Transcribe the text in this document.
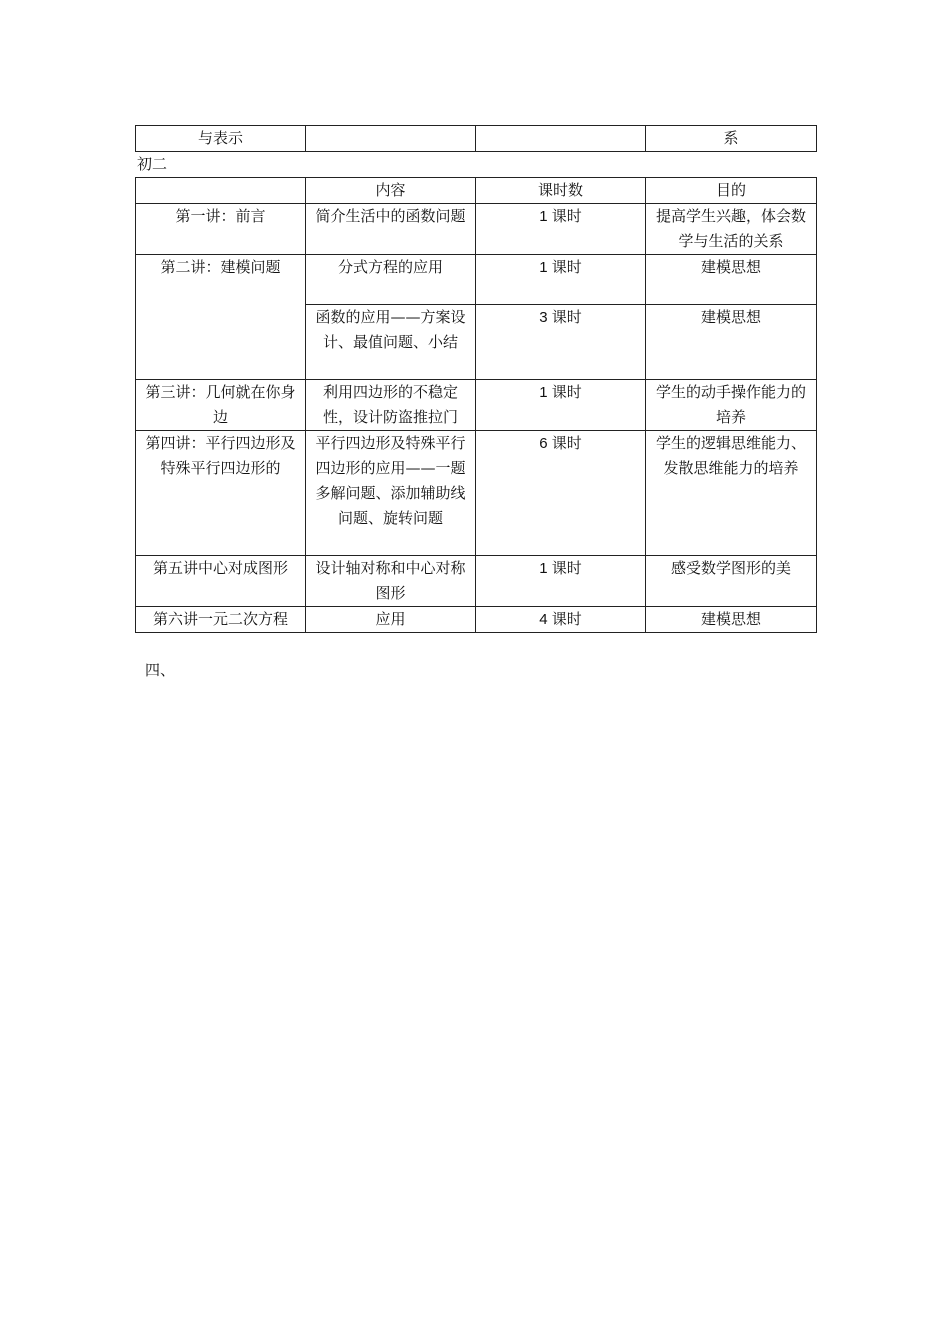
与表示			系
初二
	内容	课时数	目的
第一讲：前言	简介生活中的函数问题	1 课时	提高学生兴趣，体会数学与生活的关系
第二讲：建模问题	分式方程的应用	1 课时	建模思想
	函数的应用——方案设计、最值问题、小结	3 课时	建模思想
第三讲：几何就在你身边	利用四边形的不稳定性，设计防盗推拉门	1 课时	学生的动手操作能力的培养
第四讲：平行四边形及特殊平行四边形的	平行四边形及特殊平行四边形的应用——一题多解问题、添加辅助线问题、旋转问题	6 课时	学生的逻辑思维能力、发散思维能力的培养
第五讲中心对成图形	设计轴对称和中心对称图形	1 课时	感受数学图形的美
第六讲一元二次方程	应用	4 课时	建模思想
四、
